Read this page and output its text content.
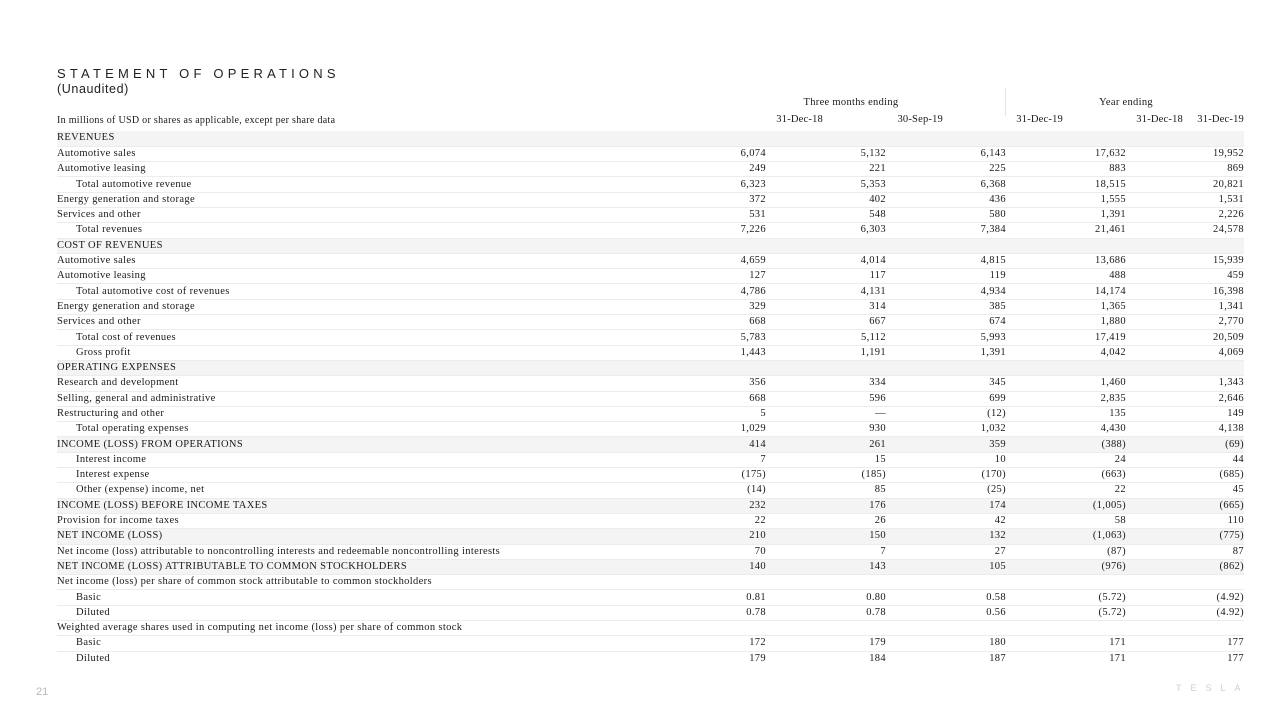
STATEMENT OF OPERATIONS
(Unaudited)
Three months ending	Year ending
In millions of USD or shares as applicable, except per share data	31-Dec-18	30-Sep-19	31-Dec-19	31-Dec-18	31-Dec-19
REVENUES					
Automotive sales	6,074	5,132	6,143	17,632	19,952
Automotive leasing	249	221	225	883	869
Total automotive revenue	6,323	5,353	6,368	18,515	20,821
Energy generation and storage	372	402	436	1,555	1,531
Services and other	531	548	580	1,391	2,226
Total revenues	7,226	6,303	7,384	21,461	24,578
COST OF REVENUES					
Automotive sales	4,659	4,014	4,815	13,686	15,939
Automotive leasing	127	117	119	488	459
Total automotive cost of revenues	4,786	4,131	4,934	14,174	16,398
Energy generation and storage	329	314	385	1,365	1,341
Services and other	668	667	674	1,880	2,770
Total cost of revenues	5,783	5,112	5,993	17,419	20,509
Gross profit	1,443	1,191	1,391	4,042	4,069
OPERATING EXPENSES					
Research and development	356	334	345	1,460	1,343
Selling, general and administrative	668	596	699	2,835	2,646
Restructuring and other	5	—	(12)	135	149
Total operating expenses	1,029	930	1,032	4,430	4,138
INCOME (LOSS) FROM OPERATIONS	414	261	359	(388)	(69)
Interest income	7	15	10	24	44
Interest expense	(175)	(185)	(170)	(663)	(685)
Other (expense) income, net	(14)	85	(25)	22	45
INCOME (LOSS) BEFORE INCOME TAXES	232	176	174	(1,005)	(665)
Provision for income taxes	22	26	42	58	110
NET INCOME (LOSS)	210	150	132	(1,063)	(775)
Net income (loss) attributable to noncontrolling interests and redeemable noncontrolling interests	70	7	27	(87)	87
NET INCOME (LOSS) ATTRIBUTABLE TO COMMON STOCKHOLDERS	140	143	105	(976)	(862)
Net income (loss) per share of common stock attributable to common stockholders					
Basic	0.81	0.80	0.58	(5.72)	(4.92)
Diluted	0.78	0.78	0.56	(5.72)	(4.92)
Weighted average shares used in computing net income (loss) per share of common stock					
Basic	172	179	180	171	177
Diluted	179	184	187	171	177
21	TESLA
